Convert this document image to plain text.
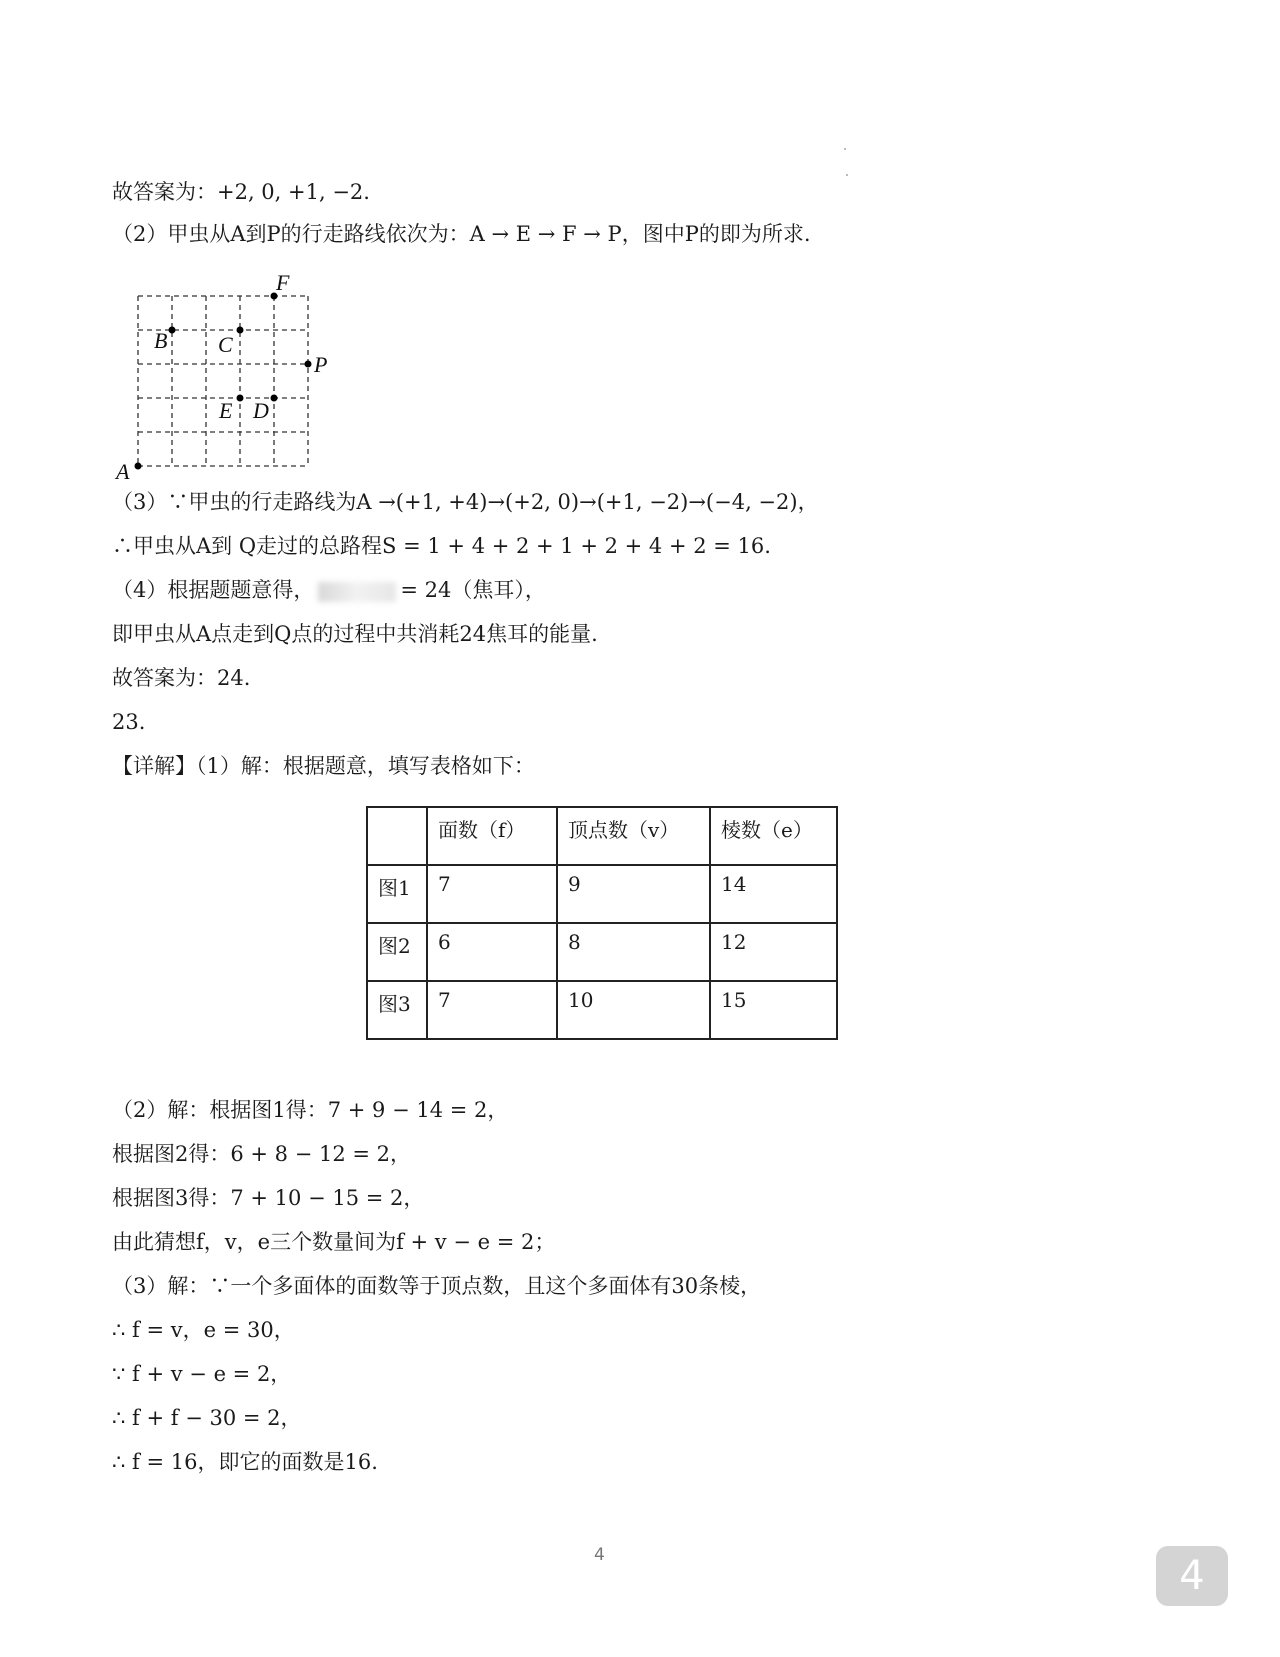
故答案为：+2, 0, +1, −2.
（2）甲虫从A到P的行走路线依次为：A → E → F → P，图中P的即为所求.
A
B C
D
E
F
P
（3）∵甲虫的行走路线为A →(+1, +4)→(+2, 0)→(+1, −2)→(−4, −2)，
∴甲虫从A到 Q走过的总路程S = 1 + 4 + 2 + 1 + 2 + 4 + 2 = 16.
（4）根据题题意得，	= 24（焦耳），
即甲虫从A点走到Q点的过程中共消耗24焦耳的能量.
故答案为：24.
23.
【详解】（1）解：根据题意，填写表格如下：
	面数（f）	顶点数（v）	棱数（e）
图1	7	9	14
图2	6	8	12
图3	7	10	15
（2）解：根据图1得：7 + 9 − 14 = 2，
根据图2得：6 + 8 − 12 = 2，
根据图3得：7 + 10 − 15 = 2，
由此猜想f，v，e三个数量间为f + v − e = 2；
（3）解：∵一个多面体的面数等于顶点数，且这个多面体有30条棱，
∴ f = v，e = 30，
∵ f + v − e = 2，
∴ f + f − 30 = 2，
∴ f = 16，即它的面数是16.
4	4
